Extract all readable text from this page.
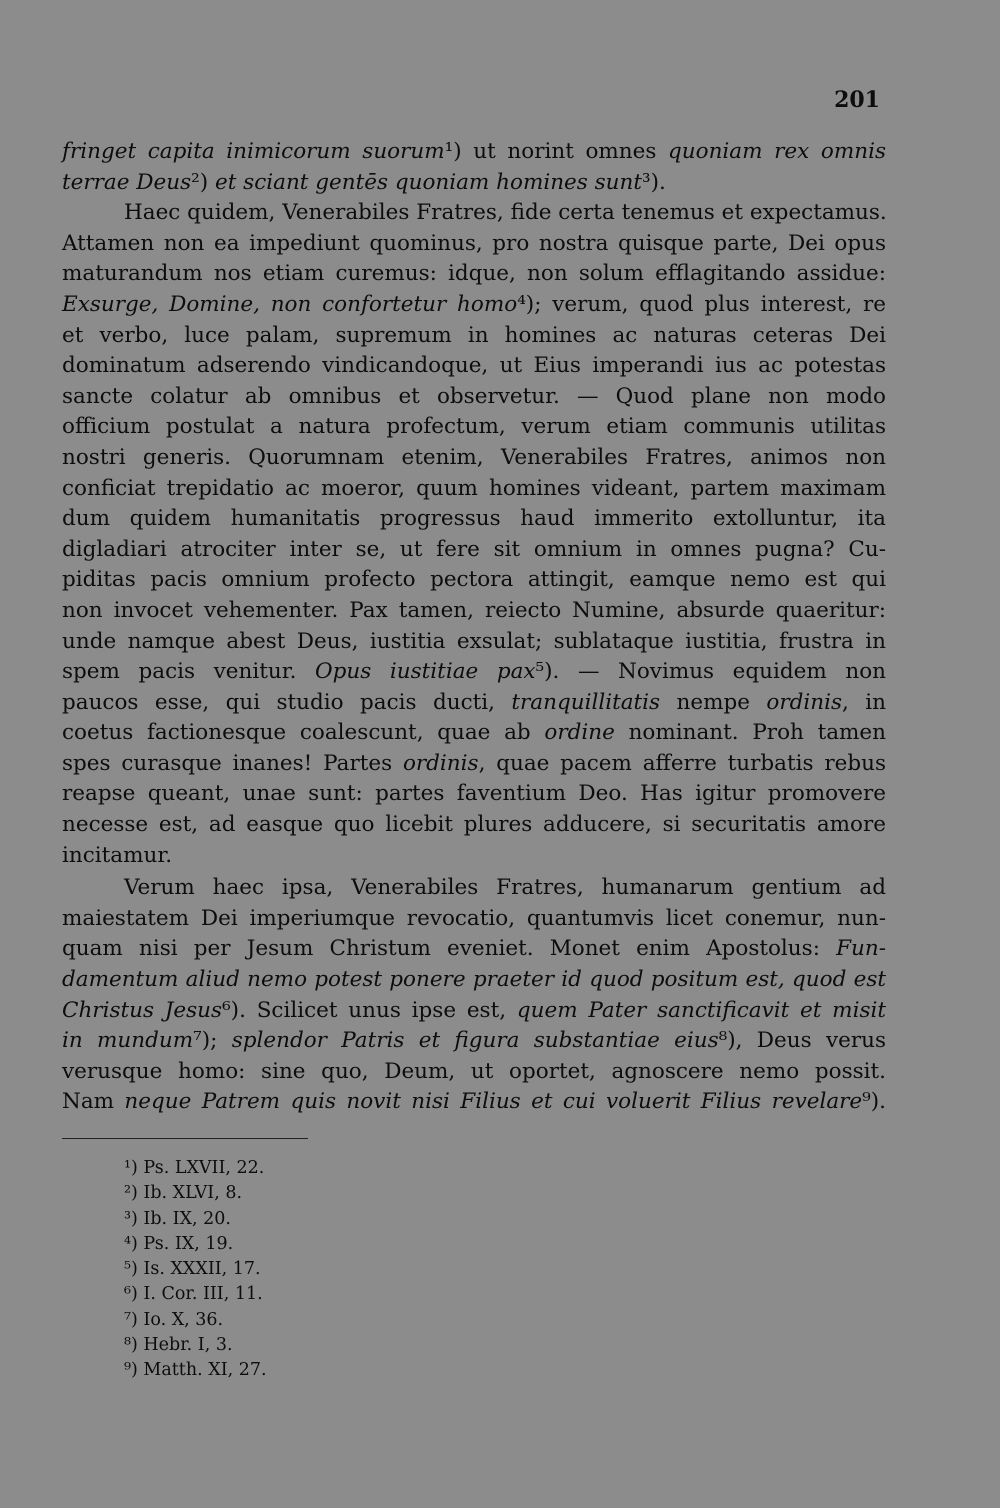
201
fringet capita inimicorum suorum¹) ut norint omnes quoniam rex omnis
terrae Deus²) et sciant gentēs quoniam homines sunt³).
Haec quidem, Venerabiles Fratres, fide certa tenemus et expectamus.
Attamen non ea impediunt quominus, pro nostra quisque parte, Dei opus
maturandum nos etiam curemus: idque, non solum efflagitando assidue:
Exsurge, Domine, non confortetur homo⁴); verum, quod plus interest, re
et verbo, luce palam, supremum in homines ac naturas ceteras Dei
dominatum adserendo vindicandoque, ut Eius imperandi ius ac potestas
sancte colatur ab omnibus et observetur. — Quod plane non modo
officium postulat a natura profectum, verum etiam communis utilitas
nostri generis. Quorumnam etenim, Venerabiles Fratres, animos non
conficiat trepidatio ac moeror, quum homines videant, partem maximam
dum quidem humanitatis progressus haud immerito extolluntur, ita
digladiari atrociter inter se, ut fere sit omnium in omnes pugna? Cu-
piditas pacis omnium profecto pectora attingit, eamque nemo est qui
non invocet vehementer. Pax tamen, reiecto Numine, absurde quaeritur:
unde namque abest Deus, iustitia exsulat; sublataque iustitia, frustra in
spem pacis venitur. Opus iustitiae pax⁵). — Novimus equidem non
paucos esse, qui studio pacis ducti, tranquillitatis nempe ordinis, in
coetus factionesque coalescunt, quae ab ordine nominant. Proh tamen
spes curasque inanes! Partes ordinis, quae pacem afferre turbatis rebus
reapse queant, unae sunt: partes faventium Deo. Has igitur promovere
necesse est, ad easque quo licebit plures adducere, si securitatis amore
incitamur.
Verum haec ipsa, Venerabiles Fratres, humanarum gentium ad
maiestatem Dei imperiumque revocatio, quantumvis licet conemur, nun-
quam nisi per Jesum Christum eveniet. Monet enim Apostolus: Fun-
damentum aliud nemo potest ponere praeter id quod positum est, quod est
Christus Jesus⁶). Scilicet unus ipse est, quem Pater sanctificavit et misit
in mundum⁷); splendor Patris et figura substantiae eius⁸), Deus verus
verusque homo: sine quo, Deum, ut oportet, agnoscere nemo possit.
Nam neque Patrem quis novit nisi Filius et cui voluerit Filius revelare⁹).
¹) Ps. LXVII, 22.
²) Ib. XLVI, 8.
³) Ib. IX, 20.
⁴) Ps. IX, 19.
⁵) Is. XXXII, 17.
⁶) I. Cor. III, 11.
⁷) Io. X, 36.
⁸) Hebr. I, 3.
⁹) Matth. XI, 27.
